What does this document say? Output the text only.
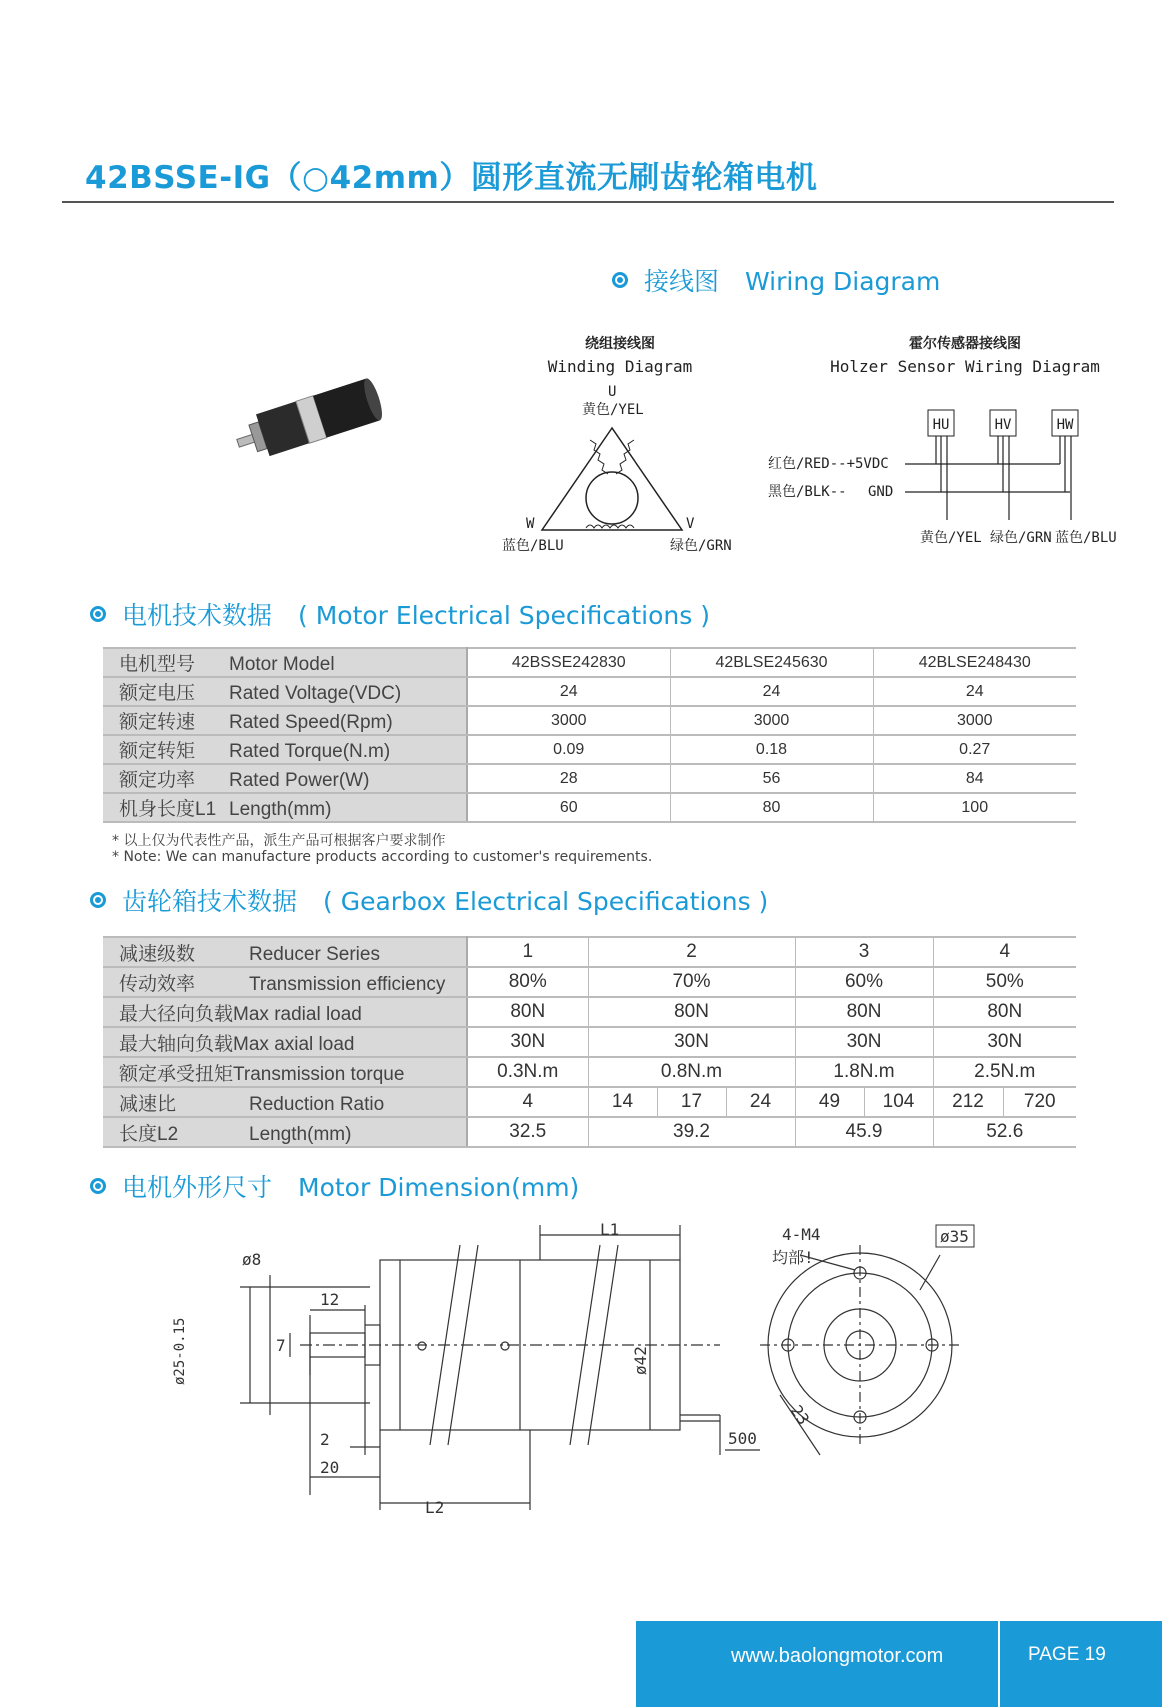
42BSSE-IG（○42mm）圆形直流无刷齿轮箱电机
接线图 Wiring Diagram
绕组接线图
Winding Diagram
U
黄色/YEL
W
蓝色/BLU
V
绿色/GRN
霍尔传感器接线图
Holzer Sensor Wiring Diagram
HU	HV	HW
红色/RED--+5VDC
黑色/BLK-- GND
黄色/YEL 绿色/GRN 蓝色/BLU
电机技术数据 ( Motor Electrical Specifications )
电机型号 Motor Model	42BSSE242830	42BLSE245630	42BLSE248430
额定电压 Rated Voltage(VDC)	24	24	24
额定转速 Rated Speed(Rpm)	3000	3000	3000
额定转矩 Rated Torque(N.m)	0.09	0.18	0.27
额定功率 Rated Power(W)	28	56	84
机身长度L1 Length(mm)	60	80	100
* 以上仅为代表性产品，派生产品可根据客户要求制作
* Note: We can manufacture products according to customer's requirements.
齿轮箱技术数据 ( Gearbox Electrical Specifications )
减速级数 Reducer Series	1	2			3		4	
传动效率 Transmission efficiency	80%	70%			60%		50%	
最大径向负载Max radial load	80N	80N			80N		80N	
最大轴向负载Max axial load	30N	30N			30N		30N	
额定承受扭矩Transmission torque	0.3N.m	0.8N.m			1.8N.m		2.5N.m	
减速比 Reduction Ratio	4	14	17	24	49	104	212	720
长度L2 Length(mm)	32.5	39.2			45.9		52.6	
电机外形尺寸 Motor Dimension(mm)
L1
L2
ø8
12
7
ø25-0.15	ø42
2
20
500
4-M4
均部!
ø35
23
www.baolongmotor.com	PAGE 19
